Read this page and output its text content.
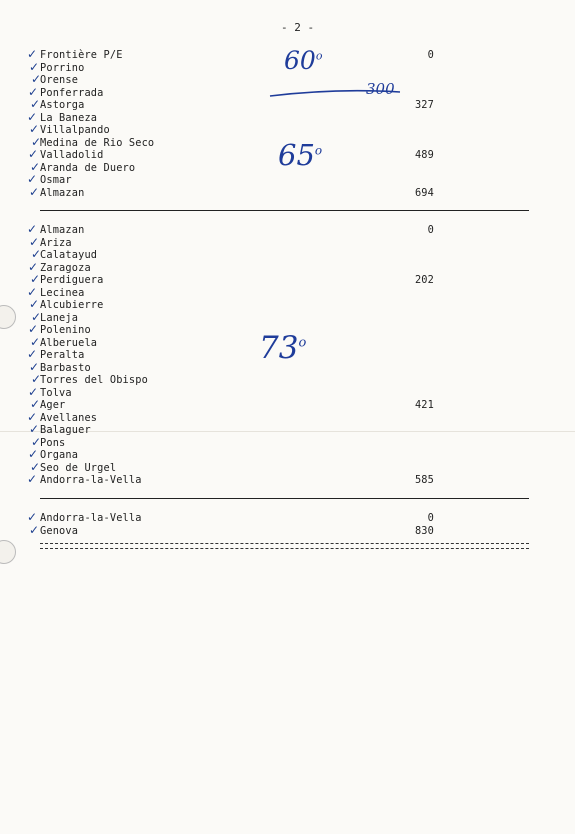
- 2 -
Frontière P/E	0
✓
Porrino
✓
Orense
✓
Ponferrada
✓
Astorga	327
✓
La Baneza
✓
Villalpando
✓
Medina de Rio Seco
✓
Valladolid	489
✓
Aranda de Duero
✓
Osmar
✓
Almazan	694
✓
Almazan	0
✓
Ariza
✓
Calatayud
✓
Zaragoza
✓
Perdiguera	202
✓
Lecinea
✓
Alcubierre
✓
Laneja
✓
Polenino
✓
Alberuela
✓
Peralta
✓
Barbasto
✓
Torres del Obispo
✓
Tolva
✓
Ager	421
✓
Avellanes
✓
Balaguer
✓
Pons
✓
Organa
✓
Seo de Urgel
✓
Andorra-la-Vella	585
✓
Andorra-la-Vella	0
✓
Genova	830
✓
60$^o$
300
65$^o$
73$^o$
